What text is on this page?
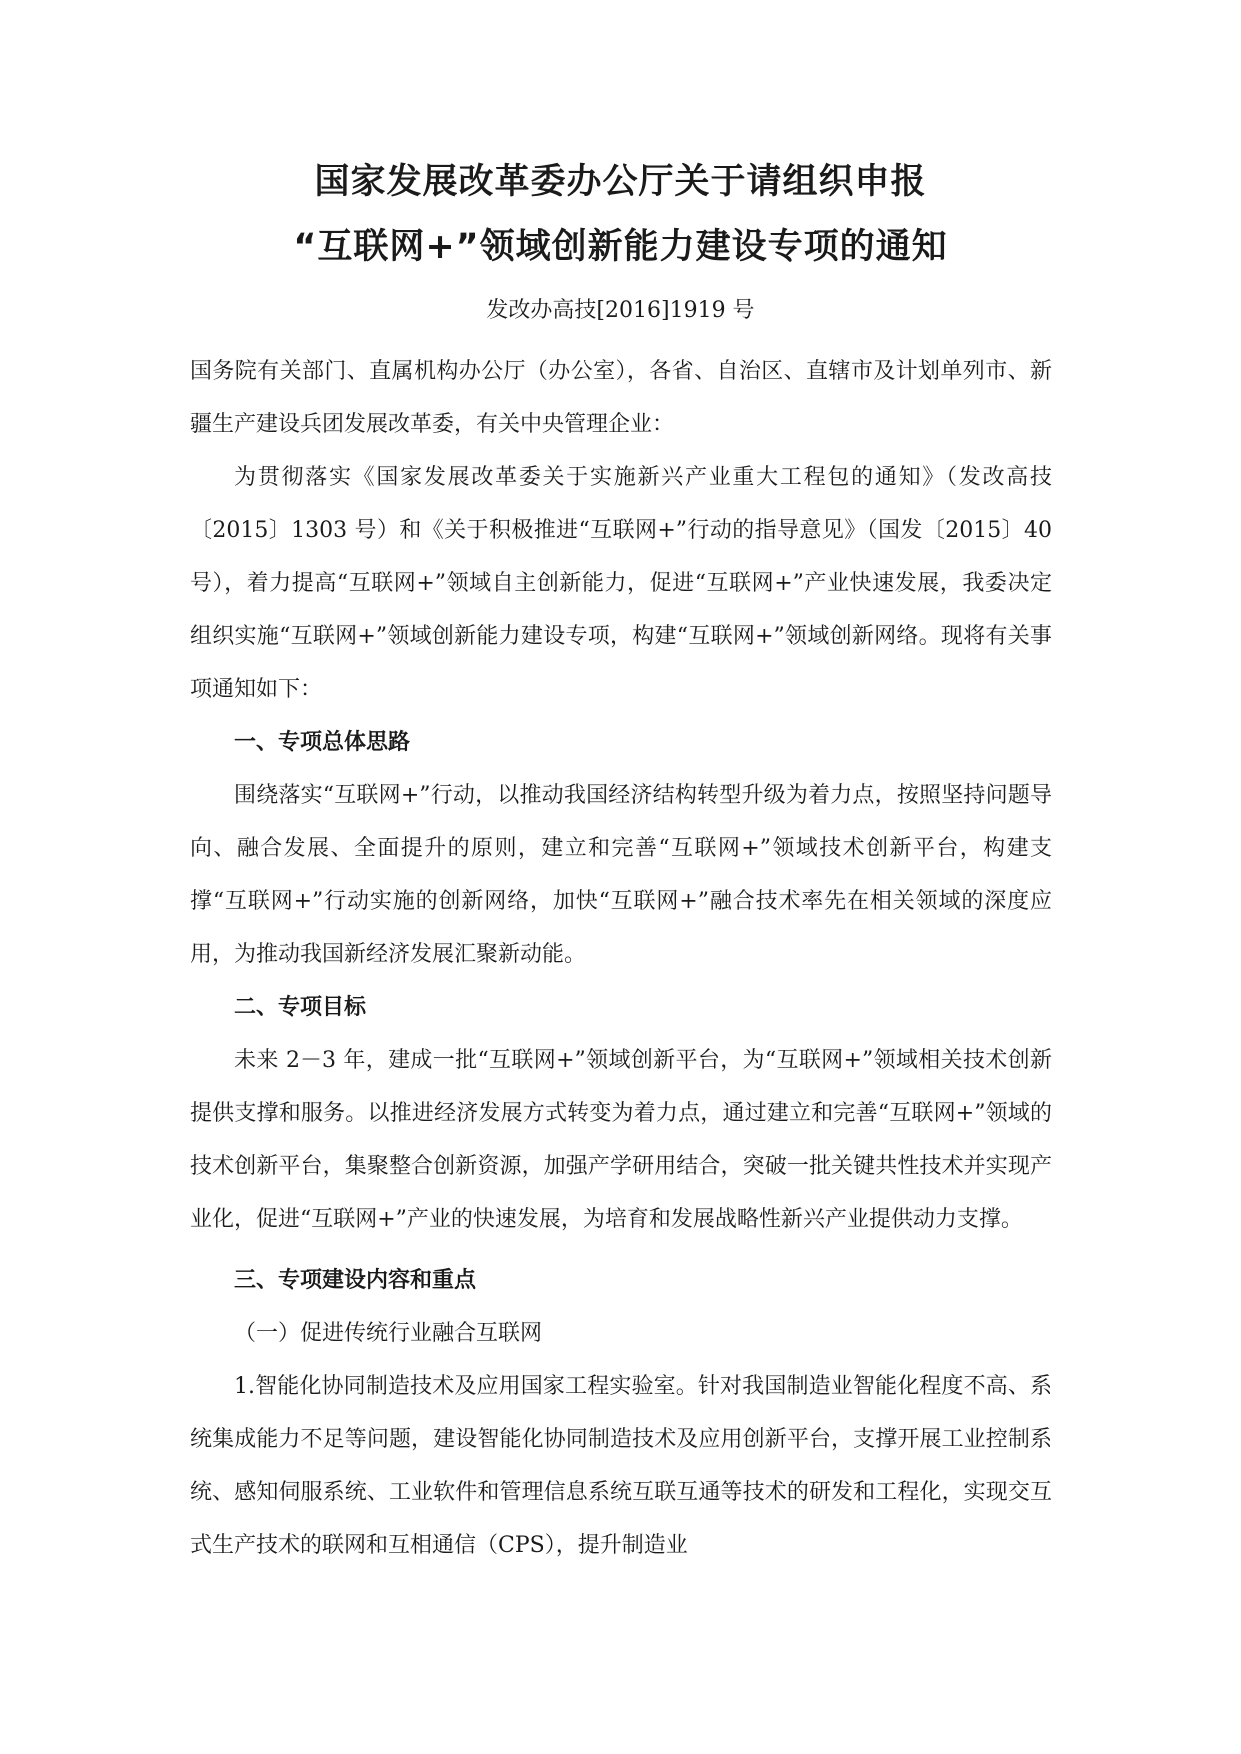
国家发展改革委办公厅关于请组织申报
“互联网+”领域创新能力建设专项的通知

发改办高技[2016]1919 号

国务院有关部门、直属机构办公厅（办公室），各省、自治区、直辖市及计划单列市、新疆生产建设兵团发展改革委，有关中央管理企业：

为贯彻落实《国家发展改革委关于实施新兴产业重大工程包的通知》（发改高技〔2015〕1303 号）和《关于积极推进“互联网+”行动的指导意见》（国发〔2015〕40 号），着力提高“互联网+”领域自主创新能力，促进“互联网+”产业快速发展，我委决定组织实施“互联网+”领域创新能力建设专项，构建“互联网+”领域创新网络。现将有关事项通知如下：

一、专项总体思路

围绕落实“互联网+”行动，以推动我国经济结构转型升级为着力点，按照坚持问题导向、融合发展、全面提升的原则，建立和完善“互联网+”领域技术创新平台，构建支撑“互联网+”行动实施的创新网络，加快“互联网+”融合技术率先在相关领域的深度应用，为推动我国新经济发展汇聚新动能。

二、专项目标

未来 2－3 年，建成一批“互联网+”领域创新平台，为“互联网+”领域相关技术创新提供支撑和服务。以推进经济发展方式转变为着力点，通过建立和完善“互联网+”领域的技术创新平台，集聚整合创新资源，加强产学研用结合，突破一批关键共性技术并实现产业化，促进“互联网+”产业的快速发展，为培育和发展战略性新兴产业提供动力支撑。

三、专项建设内容和重点

（一）促进传统行业融合互联网

1.智能化协同制造技术及应用国家工程实验室。针对我国制造业智能化程度不高、系统集成能力不足等问题，建设智能化协同制造技术及应用创新平台，支撑开展工业控制系统、感知伺服系统、工业软件和管理信息系统互联互通等技术的研发和工程化，实现交互式生产技术的联网和互相通信（CPS），提升制造业
